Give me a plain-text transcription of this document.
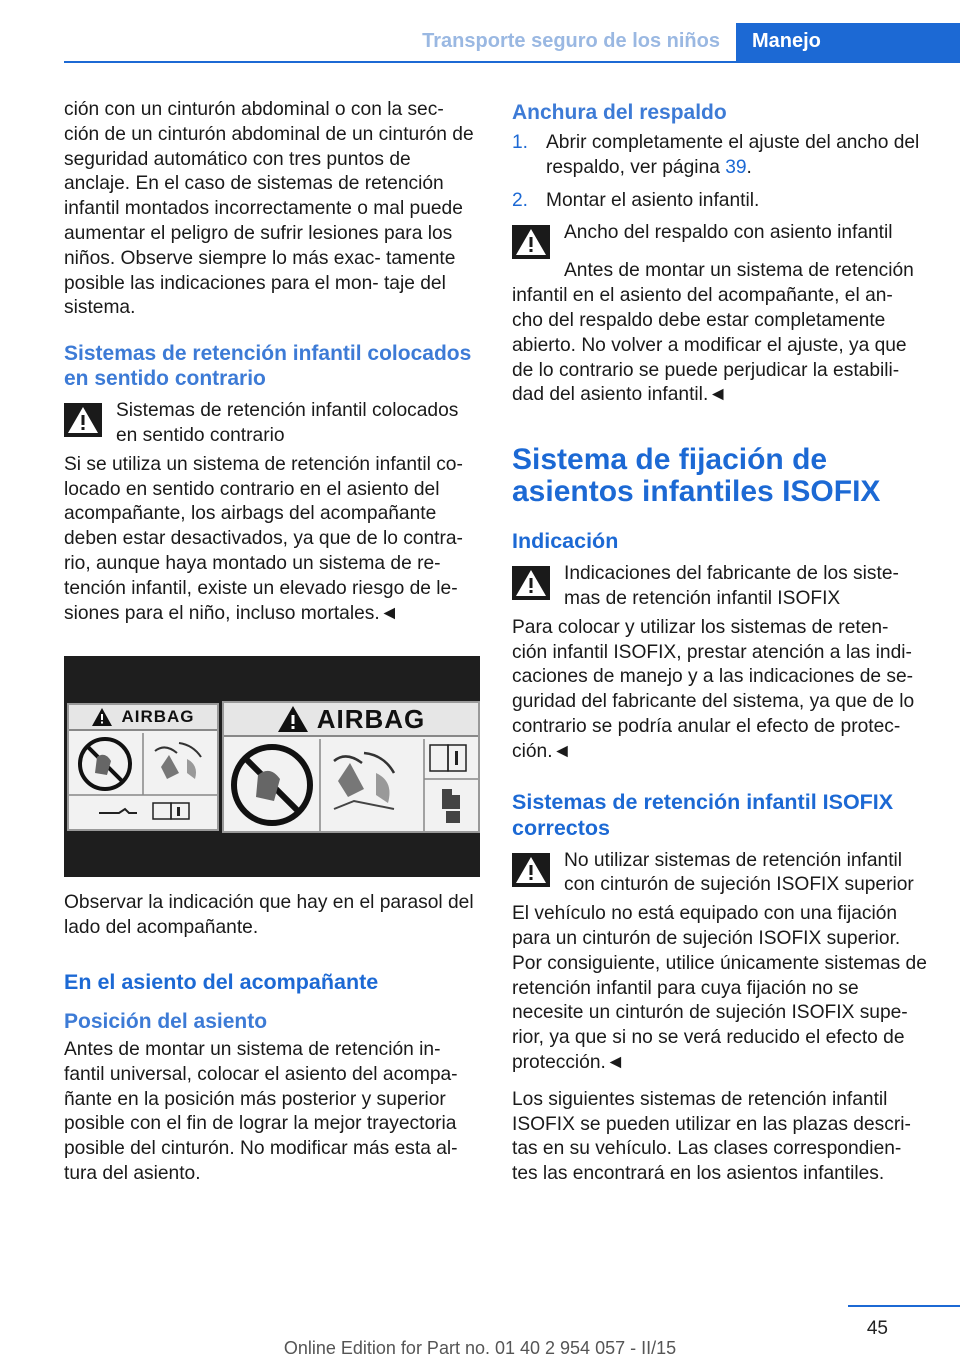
Transporte seguro de los niños	Manejo

ción con un cinturón abdominal o con la sec- ción de un cinturón abdominal de un cinturón de seguridad automático con tres puntos de anclaje. En el caso de sistemas de retención infantil montados incorrectamente o mal puede aumentar el peligro de sufrir lesiones para los niños. Observe siempre lo más exac- tamente posible las indicaciones para el mon- taje del sistema.

Sistemas de retención infantil colocados en sentido contrario
Sistemas de retención infantil colocados en sentido contrario

Si se utiliza un sistema de retención infantil co- locado en sentido contrario en el asiento del acompañante, los airbags del acompañante deben estar desactivados, ya que de lo contra- rio, aunque haya montado un sistema de re- tención infantil, existe un elevado riesgo de le- siones para el niño, incluso mortales.◄

AIRBAG	AIRBAG

Observar la indicación que hay en el parasol del lado del acompañante.

En el asiento del acompañante
Posición del asiento

Antes de montar un sistema de retención in- fantil universal, colocar el asiento del acompa- ñante en la posición más posterior y superior posible con el fin de lograr la mejor trayectoria posible del cinturón. No modificar más esta al- tura del asiento.

Anchura del respaldo
1. Abrir completamente el ajuste del ancho del respaldo, ver página 39.
2. Montar el asiento infantil.
Ancho del respaldo con asiento infantil

Antes de montar un sistema de retención infantil en el asiento del acompañante, el an- cho del respaldo debe estar completamente abierto. No volver a modificar el ajuste, ya que de lo contrario se puede perjudicar la estabili- dad del asiento infantil.◄

Sistema de fijación de asientos infantiles ISOFIX
Indicación
Indicaciones del fabricante de los siste- mas de retención infantil ISOFIX

Para colocar y utilizar los sistemas de reten- ción infantil ISOFIX, prestar atención a las indi- caciones de manejo y a las indicaciones de se- guridad del fabricante del sistema, ya que de lo contrario se podría anular el efecto de protec- ción.◄

Sistemas de retención infantil ISOFIX correctos
No utilizar sistemas de retención infantil con cinturón de sujeción ISOFIX superior

El vehículo no está equipado con una fijación para un cinturón de sujeción ISOFIX superior. Por consiguiente, utilice únicamente sistemas de retención infantil para cuya fijación no se necesite un cinturón de sujeción ISOFIX supe- rior, ya que si no se verá reducido el efecto de protección.◄

Los siguientes sistemas de retención infantil ISOFIX se pueden utilizar en las plazas descri- tas en su vehículo. Las clases correspondien- tes las encontrará en los asientos infantiles.

45
Online Edition for Part no. 01 40 2 954 057 - II/15
